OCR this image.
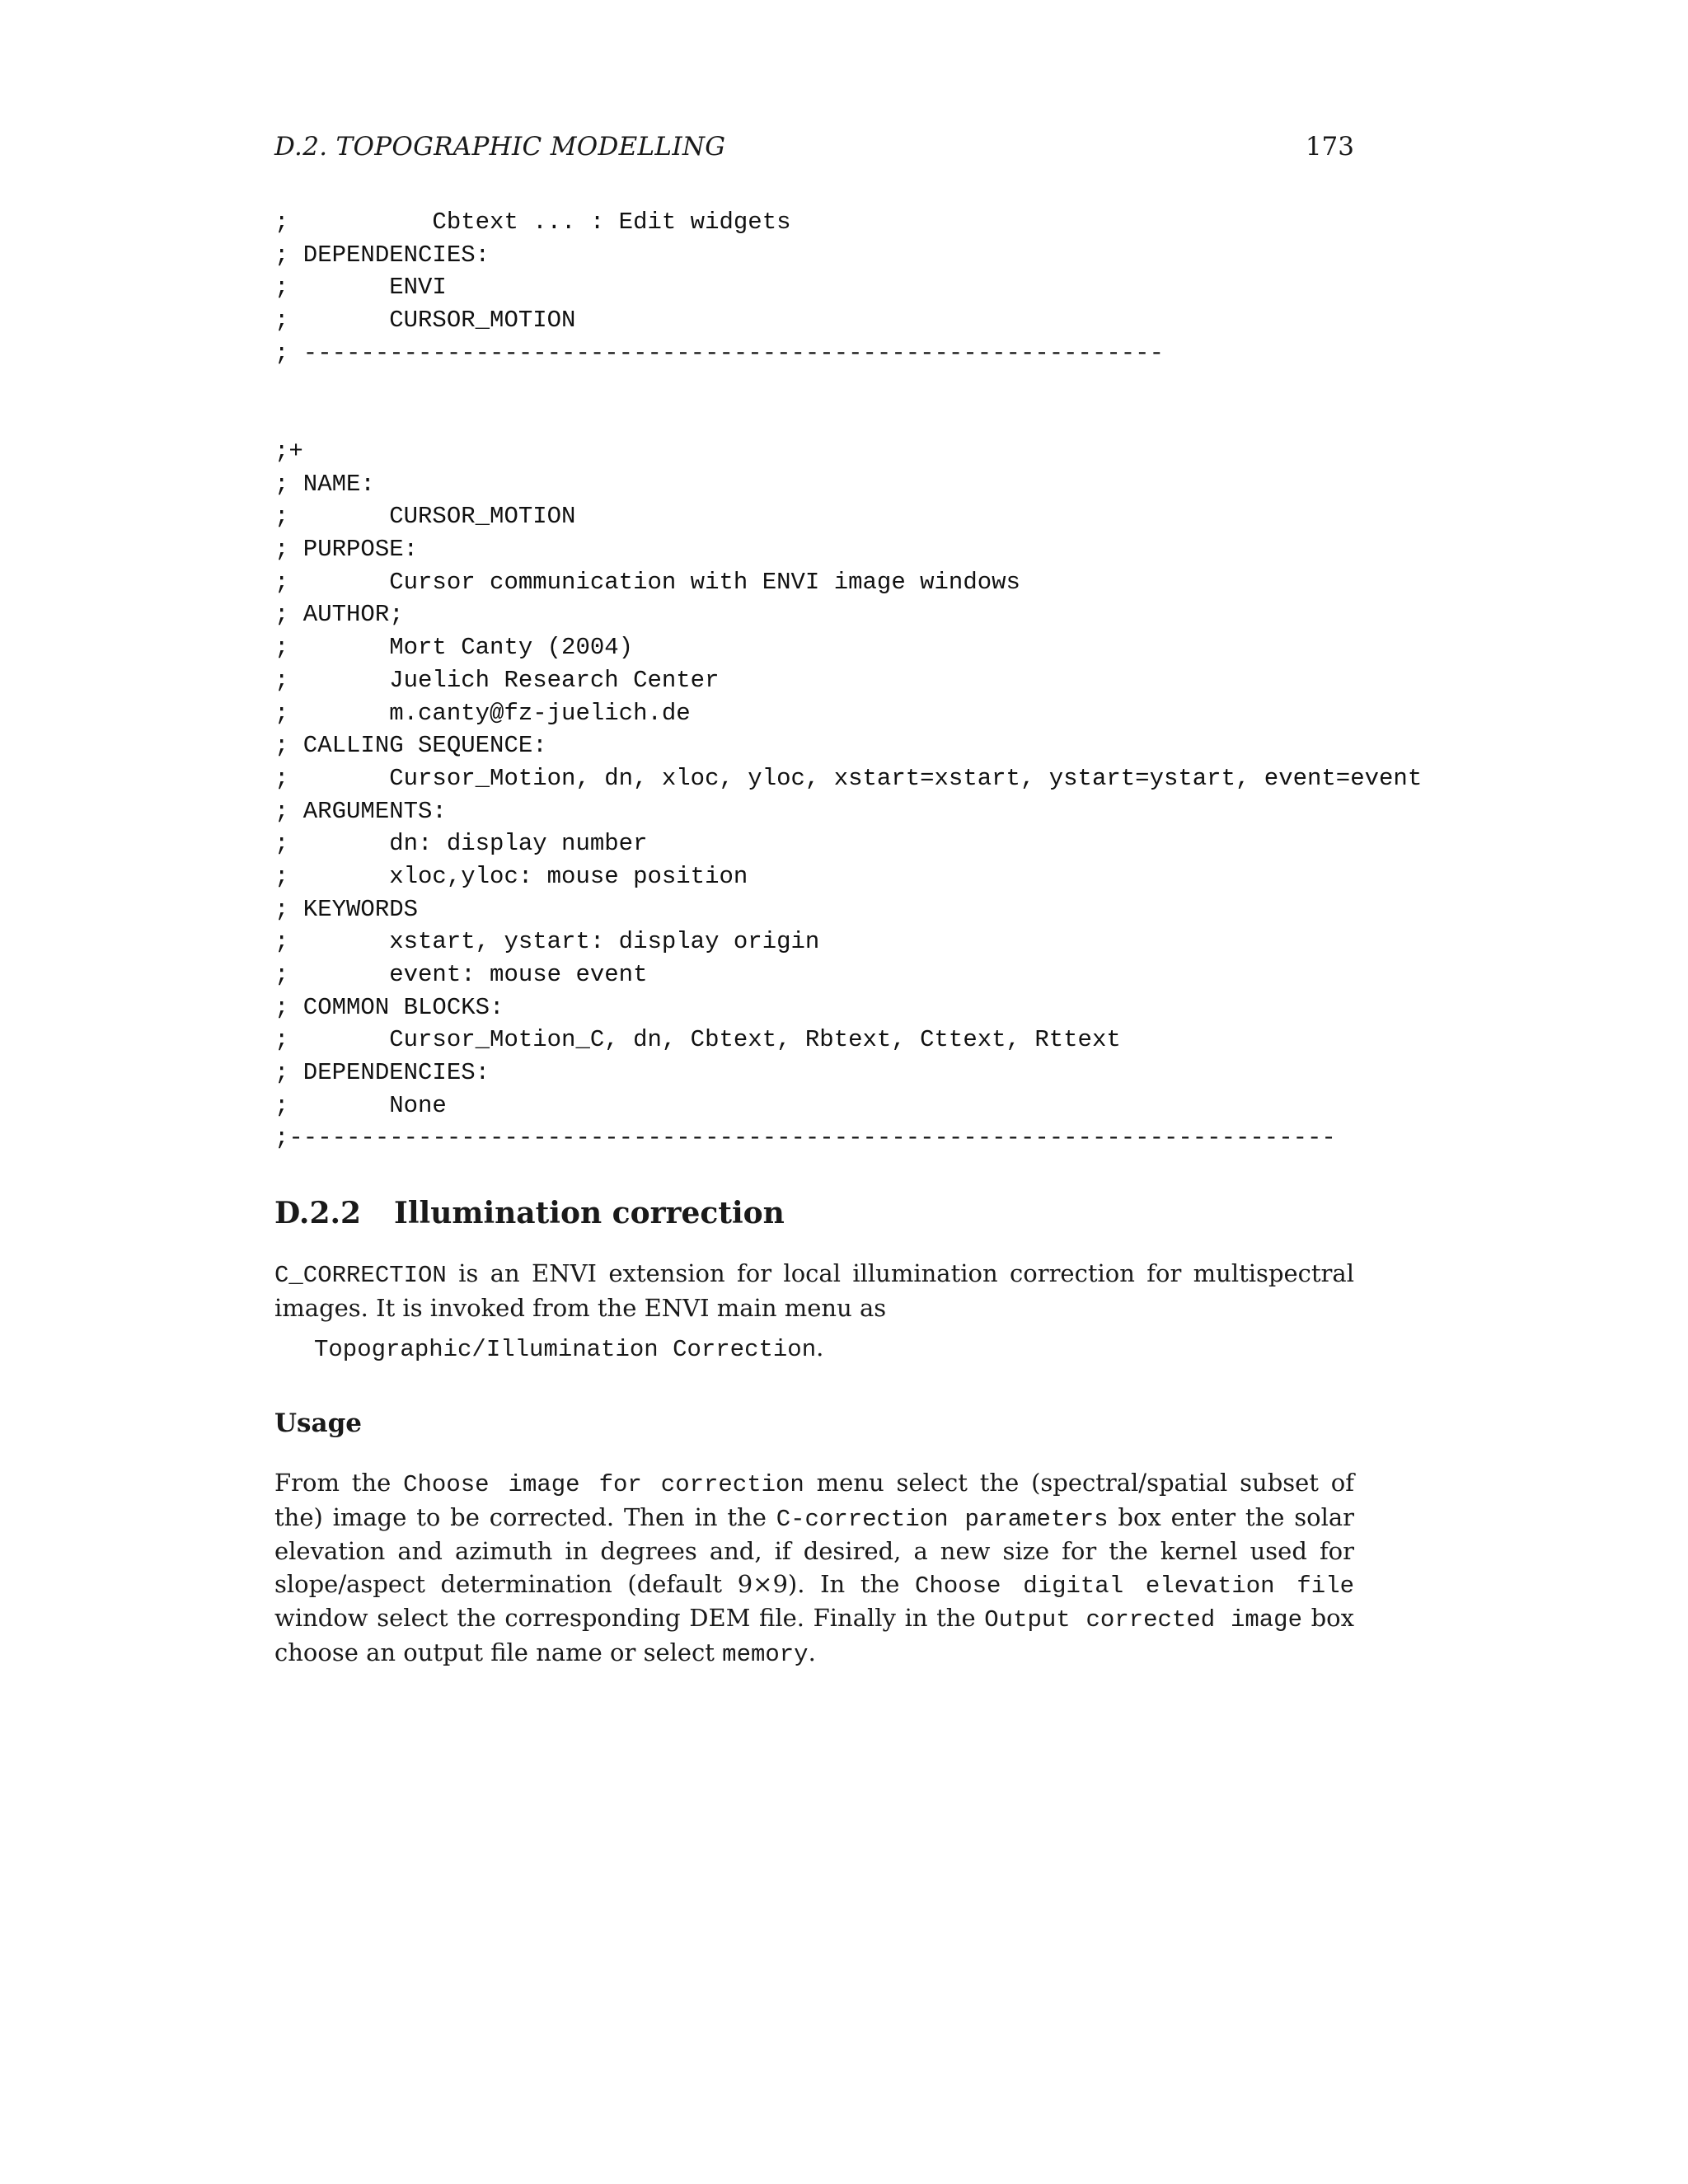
D.2. TOPOGRAPHIC MODELLING	173
;          Cbtext ... : Edit widgets
; DEPENDENCIES:
;       ENVI
;       CURSOR_MOTION
; ------------------------------------------------------------
;+
; NAME:
;       CURSOR_MOTION
; PURPOSE:
;       Cursor communication with ENVI image windows
; AUTHOR;
;       Mort Canty (2004)
;       Juelich Research Center
;       m.canty@fz-juelich.de
; CALLING SEQUENCE:
;       Cursor_Motion, dn, xloc, yloc, xstart=xstart, ystart=ystart, event=event
; ARGUMENTS:
;       dn: display number
;       xloc,yloc: mouse position
; KEYWORDS
;       xstart, ystart: display origin
;       event: mouse event
; COMMON BLOCKS:
;       Cursor_Motion_C, dn, Cbtext, Rbtext, Cttext, Rttext
; DEPENDENCIES:
;       None
;-------------------------------------------------------------------------
D.2.2 Illumination correction

C_CORRECTION is an ENVI extension for local illumination correction for multispectral images. It is invoked from the ENVI main menu as

Topographic/Illumination Correction.

Usage

From the Choose image for correction menu select the (spectral/spatial subset of the) image to be corrected. Then in the C-correction parameters box enter the solar elevation and azimuth in degrees and, if desired, a new size for the kernel used for slope/aspect determination (default 9×9). In the Choose digital elevation file window select the corresponding DEM file. Finally in the Output corrected image box choose an output file name or select memory.
